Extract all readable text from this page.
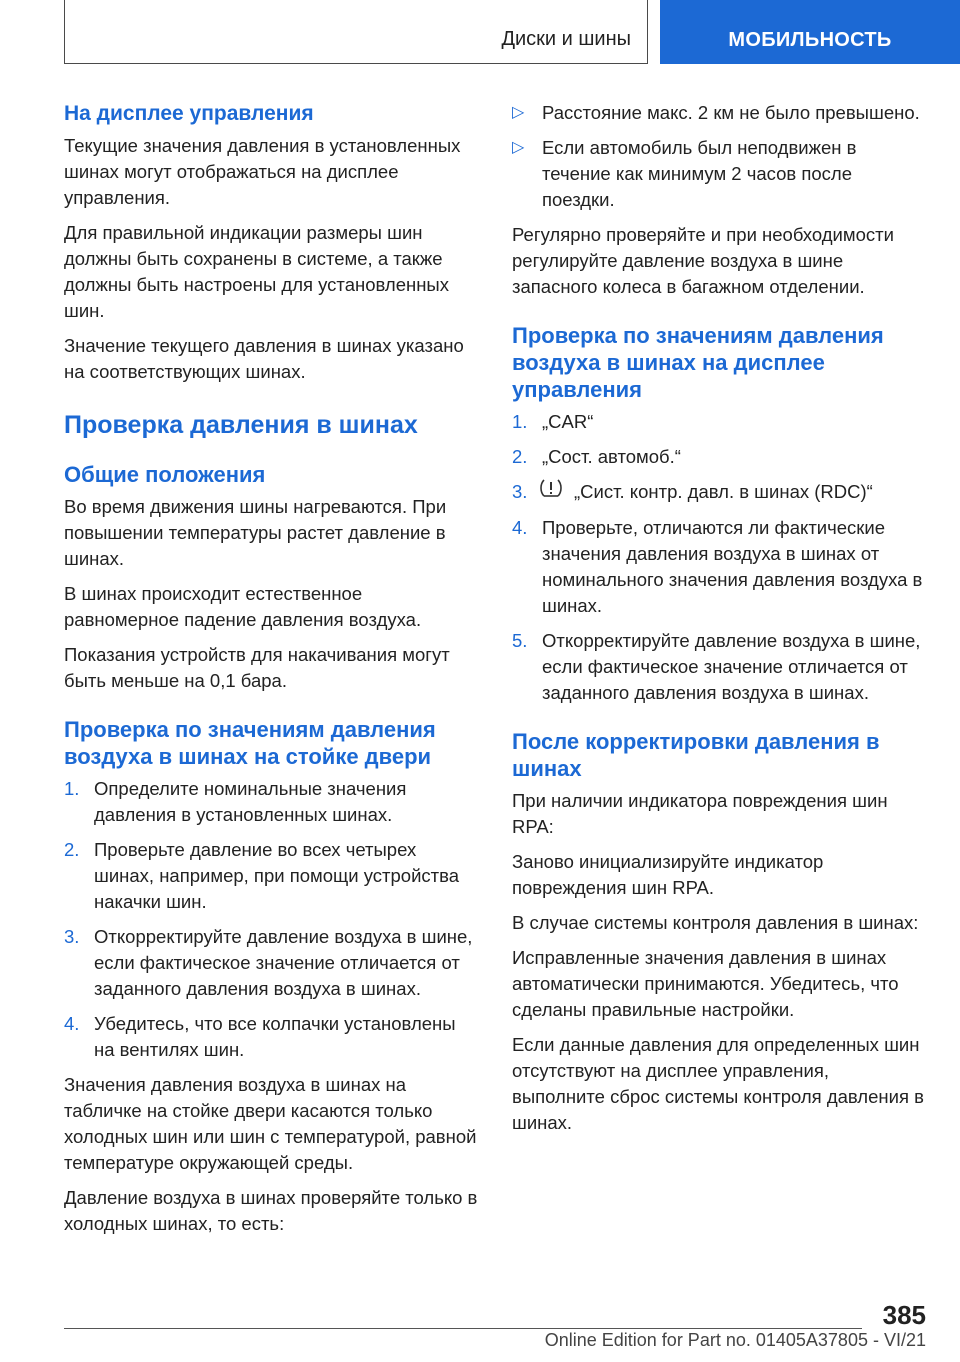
Диски и шины	МОБИЛЬНОСТЬ
На дисплее управления

Текущие значения давления в установленных шинах могут отображаться на дисплее управления.

Для правильной индикации размеры шин должны быть сохранены в системе, а также должны быть настроены для установленных шин.

Значение текущего давления в шинах указано на соответствующих шинах.

Проверка давления в шинах
Общие положения

Во время движения шины нагреваются. При повышении температуры растет давление в шинах.

В шинах происходит естественное равномерное падение давления воздуха.

Показания устройств для накачивания могут быть меньше на 0,1 бара.

Проверка по значениям давления воздуха в шинах на стойке двери
1. Определите номинальные значения давления в установленных шинах.
2. Проверьте давление во всех четырех шинах, например, при помощи устройства накачки шин.
3. Откорректируйте давление воздуха в шине, если фактическое значение отличается от заданного давления воздуха в шинах.
4. Убедитесь, что все колпачки установлены на вентилях шин.

Значения давления воздуха в шинах на табличке на стойке двери касаются только холодных шин или шин с температурой, равной температуре окружающей среды.

Давление воздуха в шинах проверяйте только в холодных шинах, то есть:

▷ Расстояние макс. 2 км не было превышено.
▷ Если автомобиль был неподвижен в течение как минимум 2 часов после поездки.

Регулярно проверяйте и при необходимости регулируйте давление воздуха в шине запасного колеса в багажном отделении.

Проверка по значениям давления воздуха в шинах на дисплее управления
1. „CAR“
2. „Сост. автомоб.“
3.	„Сист. контр. давл. в шинах (RDC)“
4. Проверьте, отличаются ли фактические значения давления воздуха в шинах от номинального значения давления воздуха в шинах.
5. Откорректируйте давление воздуха в шине, если фактическое значение отличается от заданного давления воздуха в шинах.
После корректировки давления в шинах

При наличии индикатора повреждения шин RPA:

Заново инициализируйте индикатор повреждения шин RPA.

В случае системы контроля давления в шинах:

Исправленные значения давления в шинах автоматически принимаются. Убедитесь, что сделаны правильные настройки.

Если данные давления для определенных шин отсутствуют на дисплее управления, выполните сброс системы контроля давления в шинах.

385
Online Edition for Part no. 01405A37805 - VI/21
